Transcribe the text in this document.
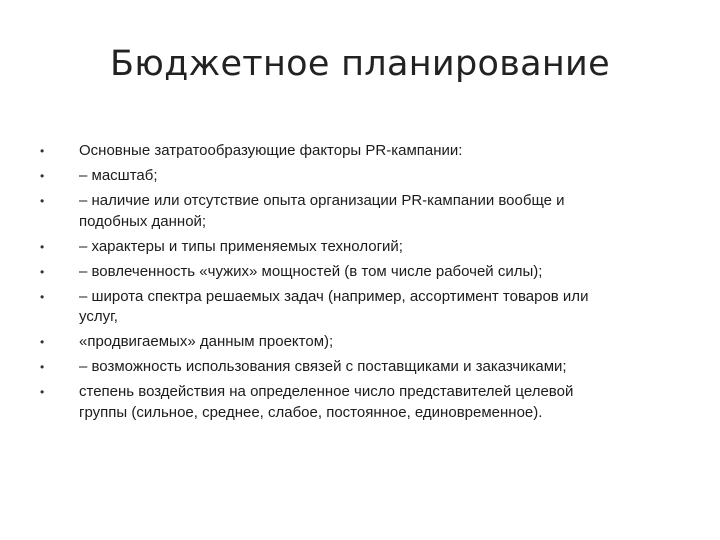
Бюджетное планирование
•	Основные затратообразующие факторы PR-кампании:
•	– масштаб;
•	– наличие или отсутствие опыта организации PR-кампании вообще и
подобных данной;
•	– характеры и типы применяемых технологий;
•	– вовлеченность «чужих» мощностей (в том числе рабочей силы);
•	– широта спектра решаемых задач (например, ассортимент товаров или
услуг,
•	«продвигаемых» данным проектом);
•	– возможность использования связей с поставщиками и заказчиками;
•	степень воздействия на определенное число представителей целевой
группы (сильное, среднее, слабое, постоянное, единовременное).
